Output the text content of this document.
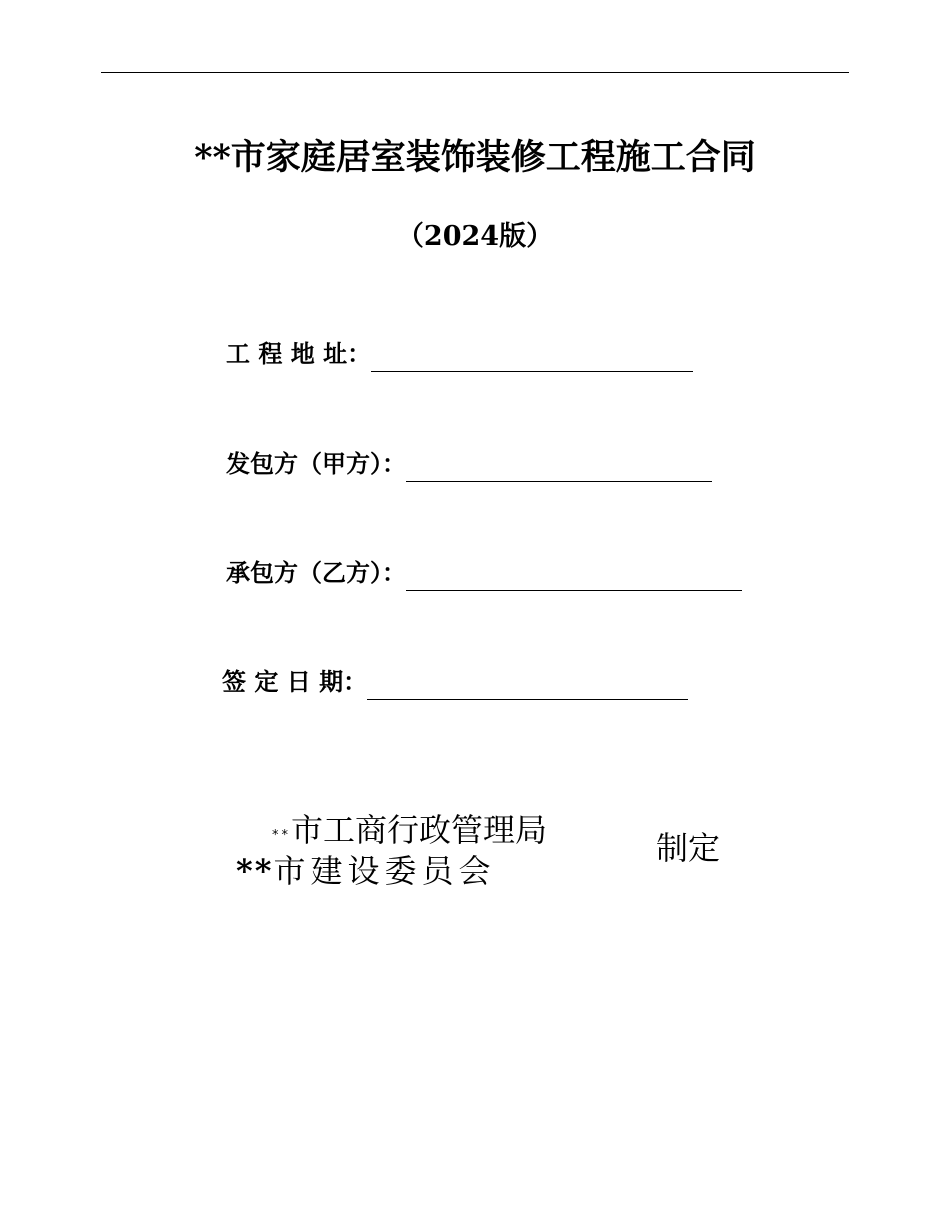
**市家庭居室装饰装修工程施工合同
（2024版）
工 程 地 址：
发包方（甲方）：
承包方（乙方）：
签 定 日 期：
**市工商行政管理局
**市建设委员会
制定
